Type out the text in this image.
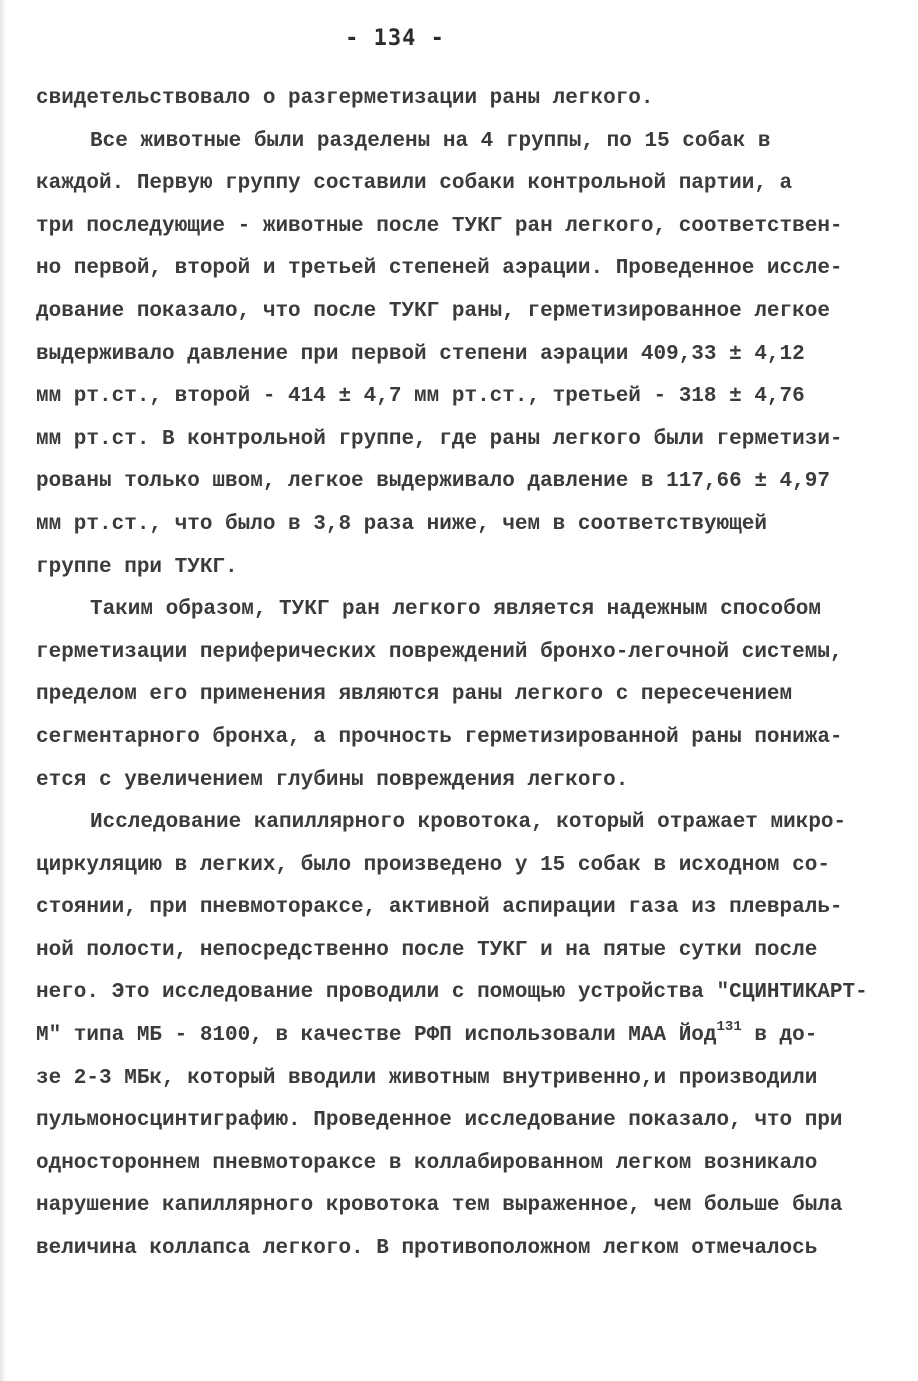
- 134 -
свидетельствовало о разгерметизации раны легкого.
Все животные были разделены на 4 группы, по 15 собак в
каждой. Первую группу составили собаки контрольной партии, а
три последующие - животные после ТУКГ ран легкого, соответствен-
но первой, второй и третьей степеней аэрации. Проведенное иссле-
дование показало, что после ТУКГ раны, герметизированное легкое
выдерживало давление при первой степени аэрации 409,33 ± 4,12
мм рт.ст., второй - 414 ± 4,7 мм рт.ст., третьей - 318 ± 4,76
мм рт.ст. В контрольной группе, где раны легкого были герметизи-
рованы только швом, легкое выдерживало давление в 117,66 ± 4,97
мм рт.ст., что было в 3,8 раза ниже, чем в соответствующей
группе при ТУКГ.
Таким образом, ТУКГ ран легкого является надежным способом
герметизации периферических повреждений бронхо-легочной системы,
пределом его применения являются раны легкого с пересечением
сегментарного бронха, а прочность герметизированной раны понижа-
ется с увеличением глубины повреждения легкого.
Исследование капиллярного кровотока, который отражает микро-
циркуляцию в легких, было произведено у 15 собак в исходном со-
стоянии, при пневмотораксе, активной аспирации газа из плевраль-
ной полости, непосредственно после ТУКГ и на пятые сутки после
него. Это исследование проводили с помощью устройства "СЦИНТИКАРТ-
М" типа МБ - 8100, в качестве РФП использовали МАА Йод$^{131}$ в до-
зе 2-3 МБк, который вводили животным внутривенно,и производили
пульмоносцинтиграфию. Проведенное исследование показало, что при
одностороннем пневмотораксе в коллабированном легком возникало
нарушение капиллярного кровотока тем выраженное, чем больше была
величина коллапса легкого. В противоположном легком отмечалось
